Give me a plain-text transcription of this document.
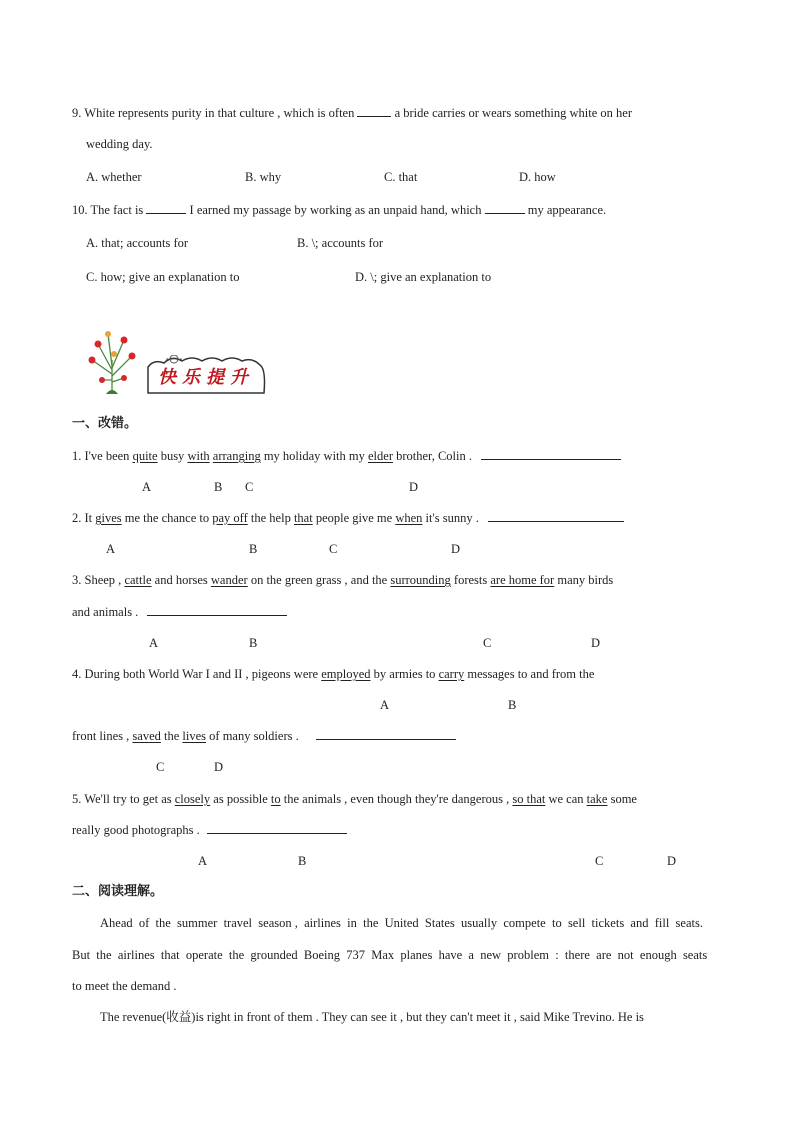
9. White represents purity in that culture , which is often	a bride carries or wears something white on her
wedding day.
A. whether	B. why	C. that	D. how
10. The fact is	I earned my passage by working as an unpaid hand, which	my appearance.
A. that; accounts for	B. \; accounts for
C. how; give an explanation to	D. \; give an explanation to
快乐提升
一、改错。
1. I've been quite busy with arranging my holiday with my elder brother, Colin .
A	B C	D
2. It gives me the chance to pay off the help that people give me when it's sunny .
A	B	C	D
3. Sheep , cattle and horses wander on the green grass , and the surrounding forests are home for many birds
and animals .
A	B	C	D
4. During both World War I and II , pigeons were employed by armies to carry messages to and from the
A	B
front lines , saved the lives of many soldiers .
C	D
5. We'll try to get as closely as possible to the animals , even though they're dangerous , so that we can take some
really good photographs .
A	B	C	D
二、阅读理解。
Ahead  of  the  summer  travel  season ,  airlines  in  the  United  States  usually  compete  to  sell  tickets  and  fill  seats.
But  the  airlines  that  operate  the  grounded  Boeing  737  Max  planes  have  a  new  problem  :  there  are  not  enough  seats
to meet the demand .
The revenue(收益)is right in front of them . They can see it , but they can't meet it , said Mike Trevino. He is
